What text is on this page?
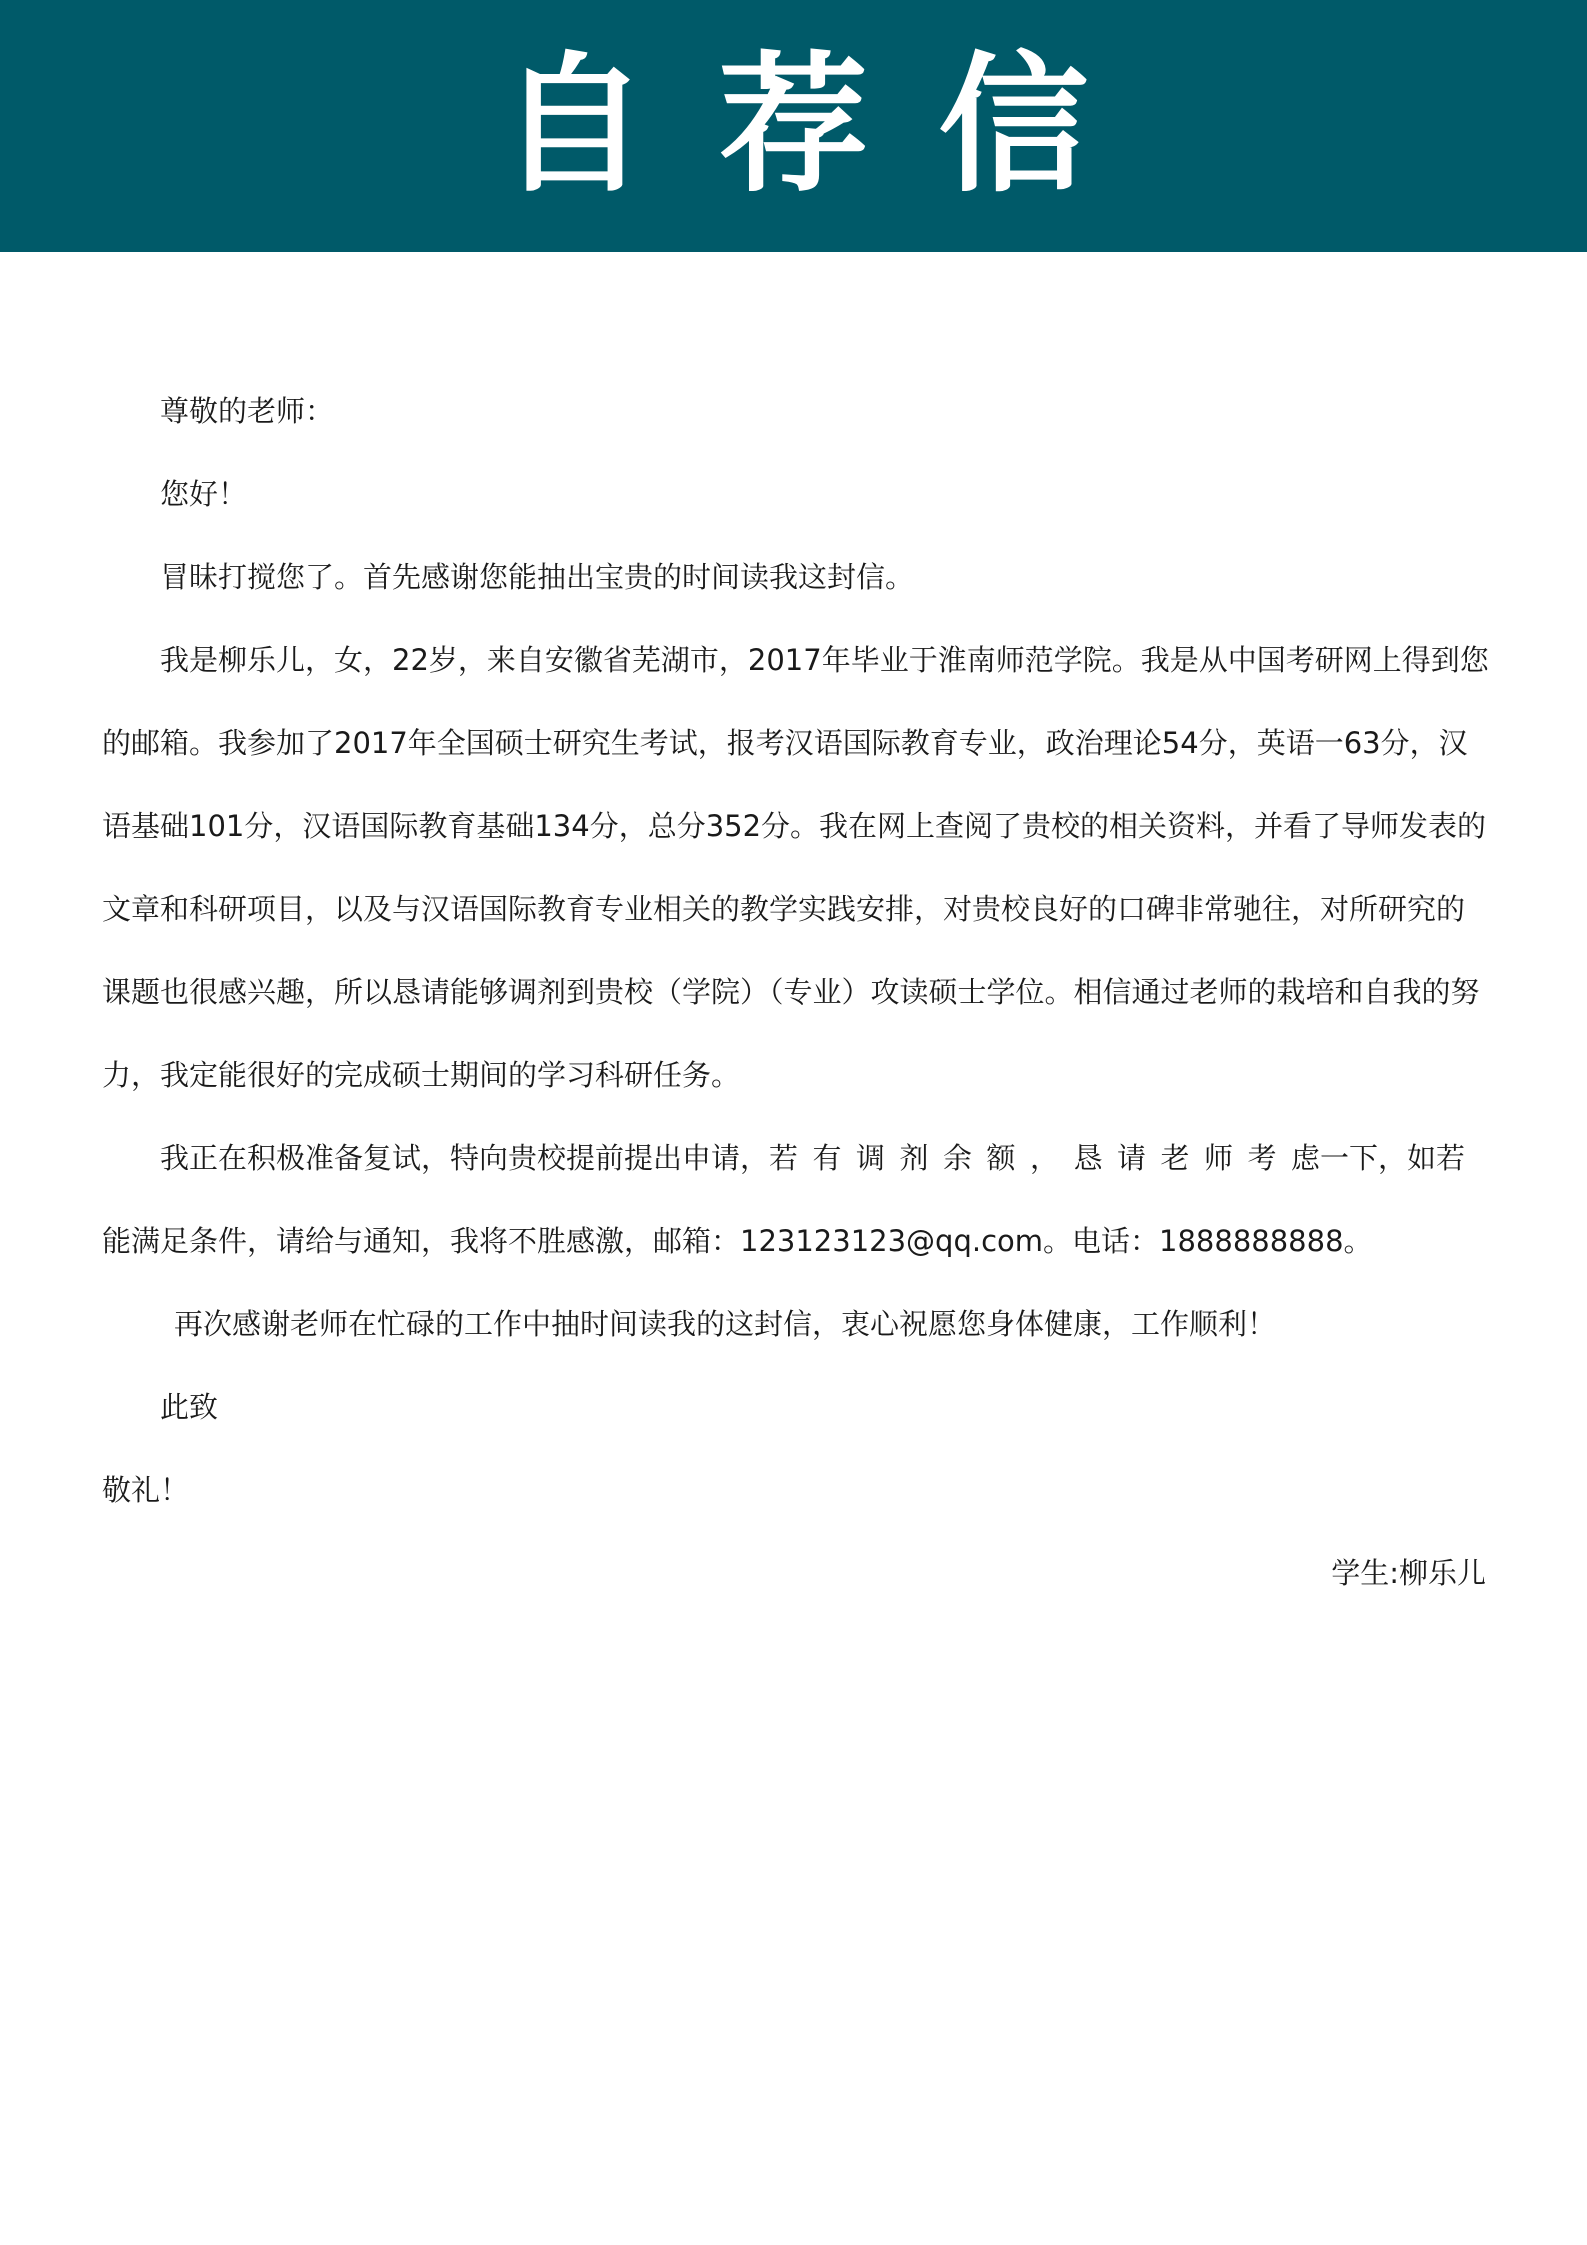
自荐信

尊敬的老师：

您好！

冒昧打搅您了。首先感谢您能抽出宝贵的时间读我这封信。

我是柳乐儿，女，22岁，来自安徽省芜湖市，2017年毕业于淮南师范学院。我是从中国考研网上得到您的邮箱。我参加了2017年全国硕士研究生考试，报考汉语国际教育专业，政治理论54分，英语一63分，汉语基础101分，汉语国际教育基础134分，总分352分。我在网上查阅了贵校的相关资料，并看了导师发表的文章和科研项目，以及与汉语国际教育专业相关的教学实践安排，对贵校良好的口碑非常驰往，对所研究的课题也很感兴趣，所以恳请能够调剂到贵校（学院）（专业）攻读硕士学位。相信通过老师的栽培和自我的努力，我定能很好的完成硕士期间的学习科研任务。

我正在积极准备复试，特向贵校提前提出申请，若有调剂余额，恳请老师考虑一下，如若能满足条件，请给与通知，我将不胜感激，邮箱：123123123@qq.com。电话：1888888888。

再次感谢老师在忙碌的工作中抽时间读我的这封信，衷心祝愿您身体健康，工作顺利！

此致

敬礼！

学生:柳乐儿
